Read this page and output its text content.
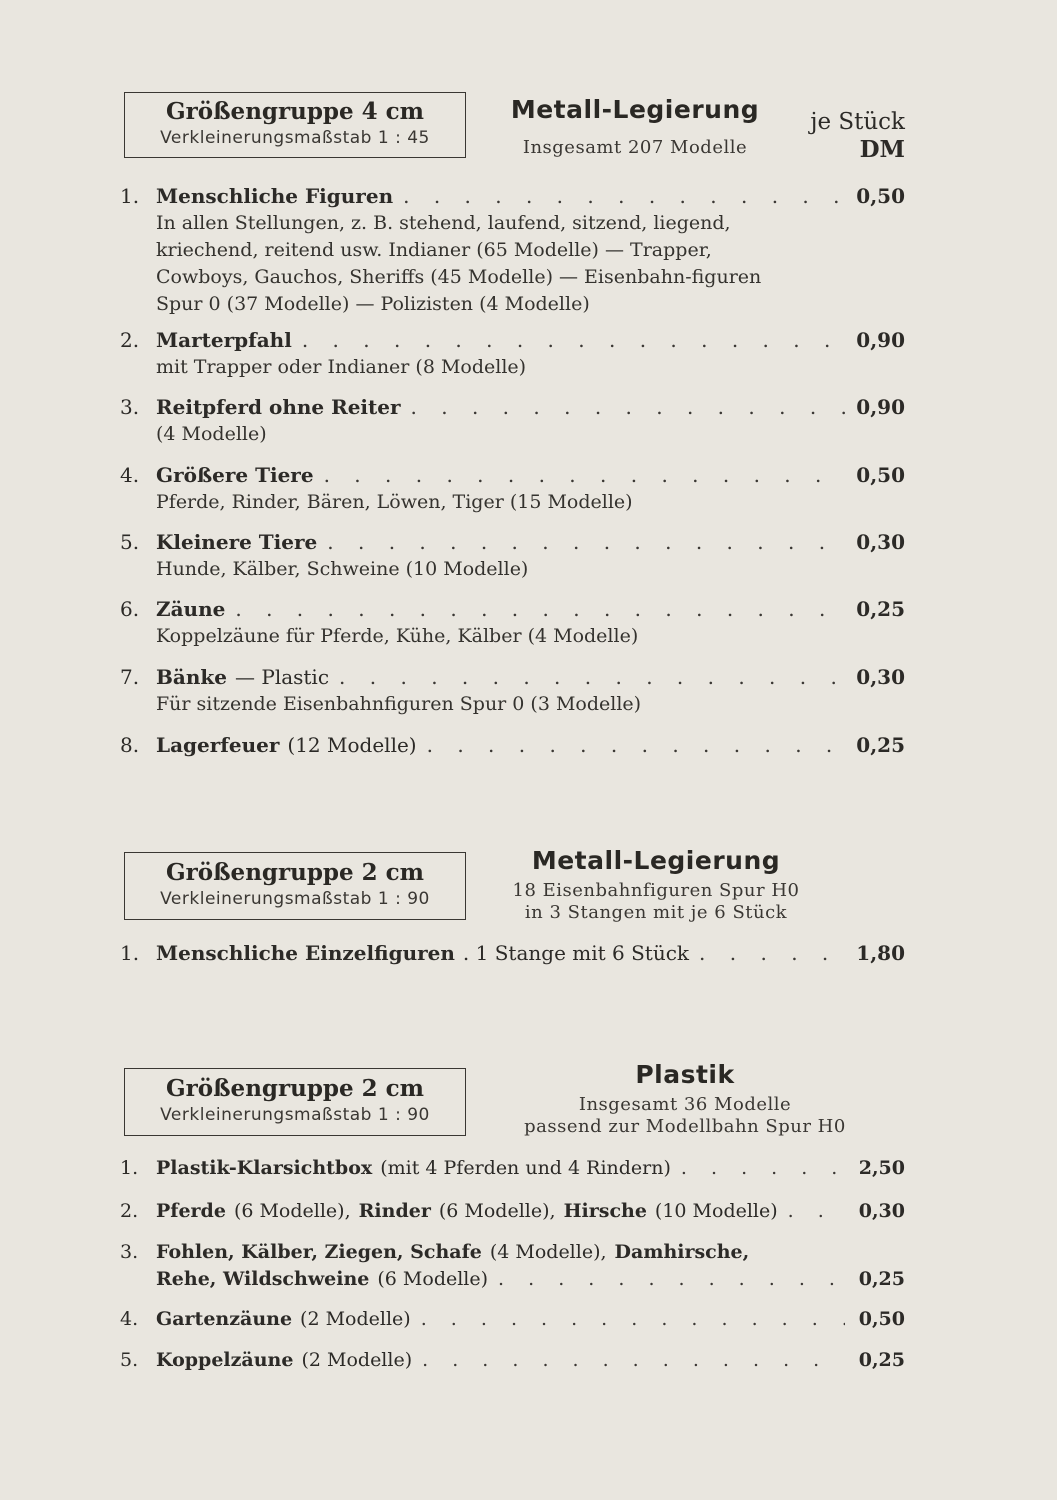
Größengruppe 4 cm
Verkleinerungsmaßstab 1 : 45
Metall-Legierung
Insgesamt 207 Modelle
je Stück
DM
1. Menschliche Figuren . . .	0,50
In allen Stellungen, z. B. stehend, laufend, sitzend, liegend, kriechend, reitend usw. Indianer (65 Modelle) — Trapper, Cowboys, Gauchos, Sheriffs (45 Modelle) — Eisenbahn-figuren Spur 0 (37 Modelle) — Polizisten (4 Modelle)
2. Marterpfahl . . .	0,90
mit Trapper oder Indianer (8 Modelle)
3. Reitpferd ohne Reiter . . .	0,90
(4 Modelle)
4. Größere Tiere . . .	0,50
Pferde, Rinder, Bären, Löwen, Tiger (15 Modelle)
5. Kleinere Tiere . . .	0,30
Hunde, Kälber, Schweine (10 Modelle)
6. Zäune . . .	0,25
Koppelzäune für Pferde, Kühe, Kälber (4 Modelle)
7. Bänke — Plastic . . .	0,30
Für sitzende Eisenbahnfiguren Spur 0 (3 Modelle)
8. Lagerfeuer (12 Modelle) . . .	0,25
Größengruppe 2 cm
Verkleinerungsmaßstab 1 : 90
Metall-Legierung
18 Eisenbahnfiguren Spur H0
in 3 Stangen mit je 6 Stück
1. Menschliche Einzelfiguren . 1 Stange mit 6 Stück . . .	1,80
Größengruppe 2 cm
Verkleinerungsmaßstab 1 : 90
Plastik
Insgesamt 36 Modelle
passend zur Modellbahn Spur H0
1. Plastik-Klarsichtbox (mit 4 Pferden und 4 Rindern) . . .	2,50
2. Pferde (6 Modelle), Rinder (6 Modelle), Hirsche (10 Modelle) . . .	0,30
3. Fohlen, Kälber, Ziegen, Schafe (4 Modelle), Damhirsche,
Rehe, Wildschweine (6 Modelle) . . .	0,25
4. Gartenzäune (2 Modelle) . . .	0,50
5. Koppelzäune (2 Modelle) . . .	0,25
